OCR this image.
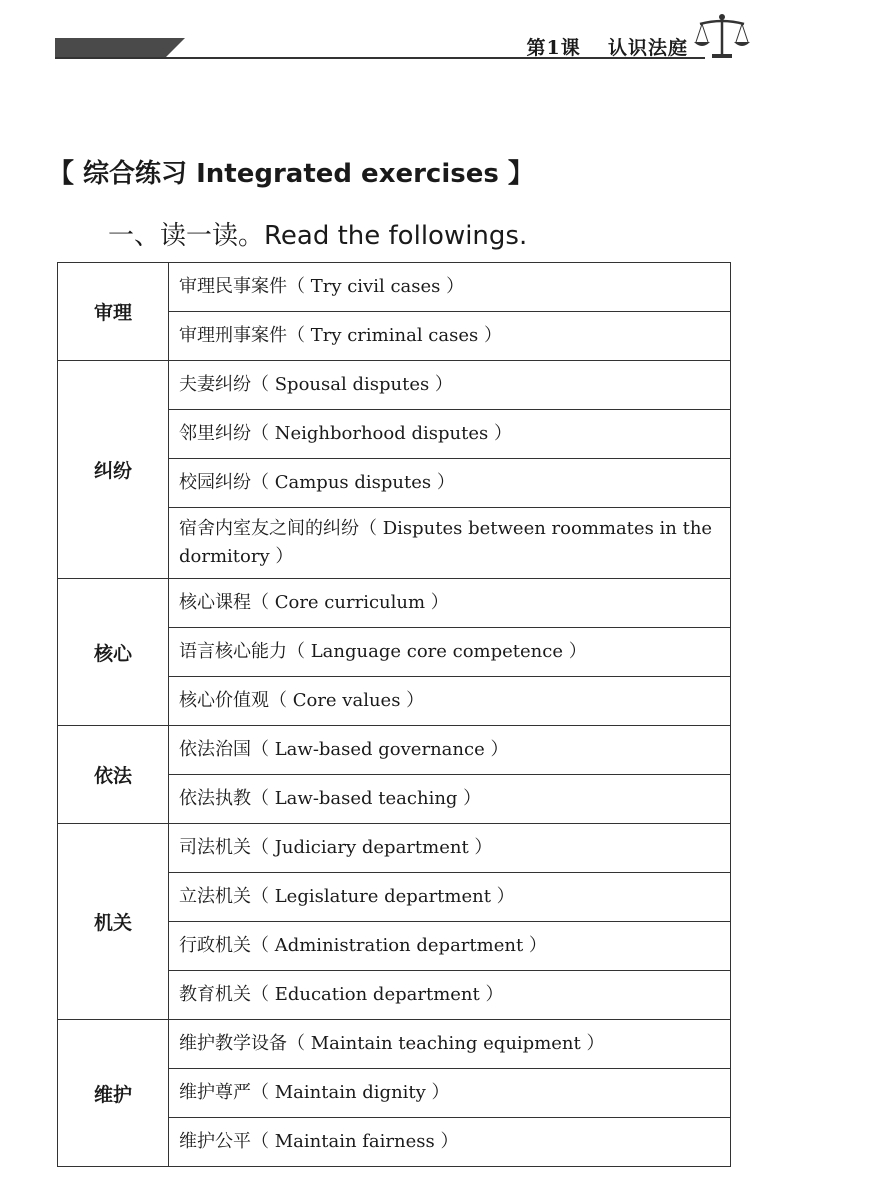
第1课 认识法庭
【 综合练习 Integrated exercises 】
一、读一读。Read the followings.
审理	审理民事案件（ Try civil cases ）
	审理刑事案件（ Try criminal cases ）
纠纷	夫妻纠纷（ Spousal disputes ）
	邻里纠纷（ Neighborhood disputes ）
	校园纠纷（ Campus disputes ）
	宿舍内室友之间的纠纷（ Disputes between roommates in the dormitory ）
核心	核心课程（ Core curriculum ）
	语言核心能力（ Language core competence ）
	核心价值观（ Core values ）
依法	依法治国（ Law-based governance ）
	依法执教（ Law-based teaching ）
机关	司法机关（ Judiciary department ）
	立法机关（ Legislature department ）
	行政机关（ Administration department ）
	教育机关（ Education department ）
维护	维护教学设备（ Maintain teaching equipment ）
	维护尊严（ Maintain dignity ）
	维护公平（ Maintain fairness ）
